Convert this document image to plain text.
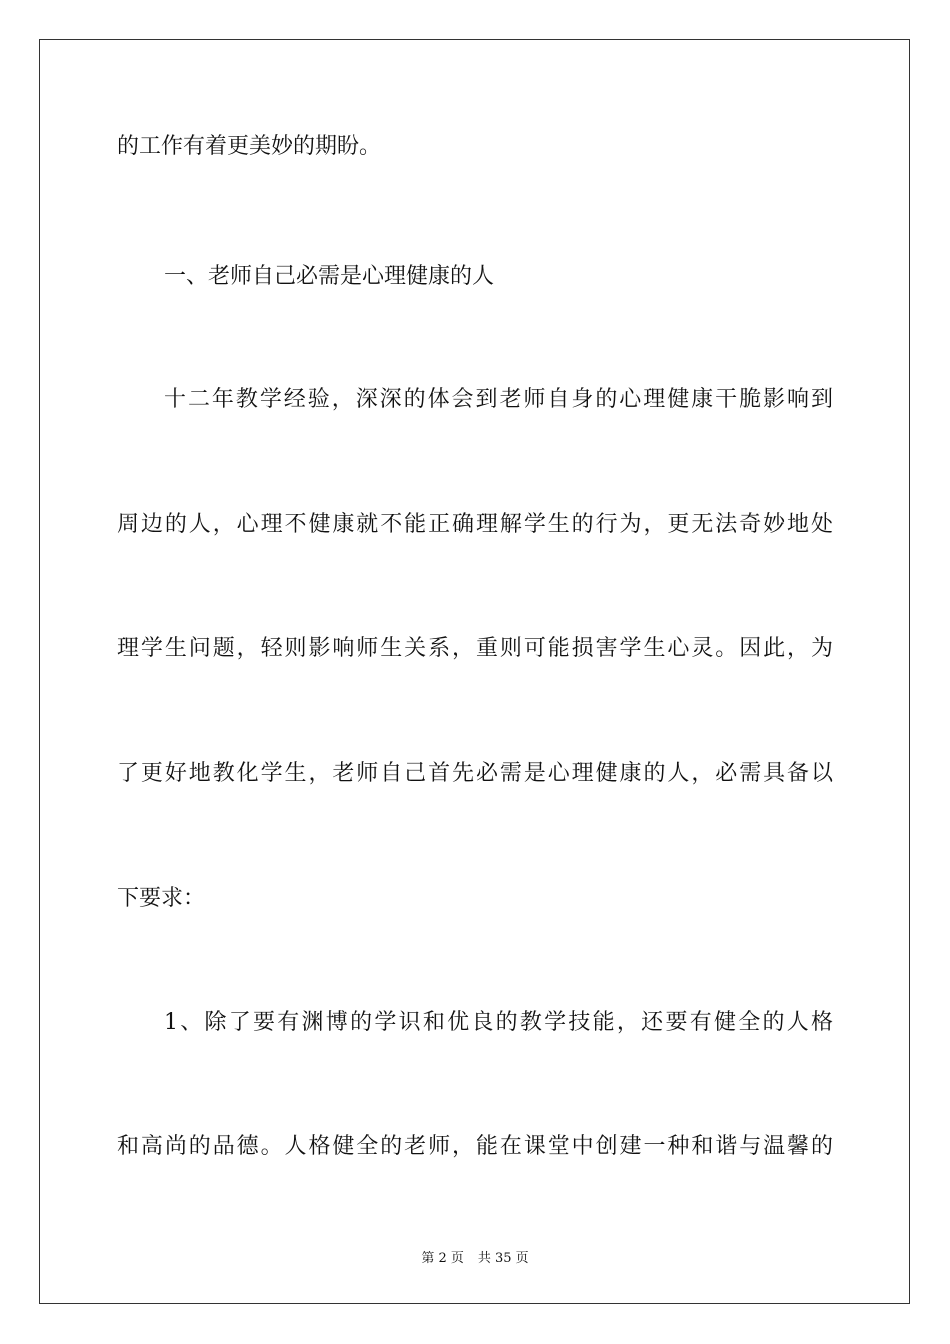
的工作有着更美妙的期盼。
一、老师自己必需是心理健康的人
十二年教学经验，深深的体会到老师自身的心理健康干脆影响到
周边的人，心理不健康就不能正确理解学生的行为，更无法奇妙地处
理学生问题，轻则影响师生关系，重则可能损害学生心灵。因此，为
了更好地教化学生，老师自己首先必需是心理健康的人，必需具备以
下要求：
1、除了要有渊博的学识和优良的教学技能，还要有健全的人格
和高尚的品德。人格健全的老师，能在课堂中创建一种和谐与温馨的
第 2 页 共 35 页
